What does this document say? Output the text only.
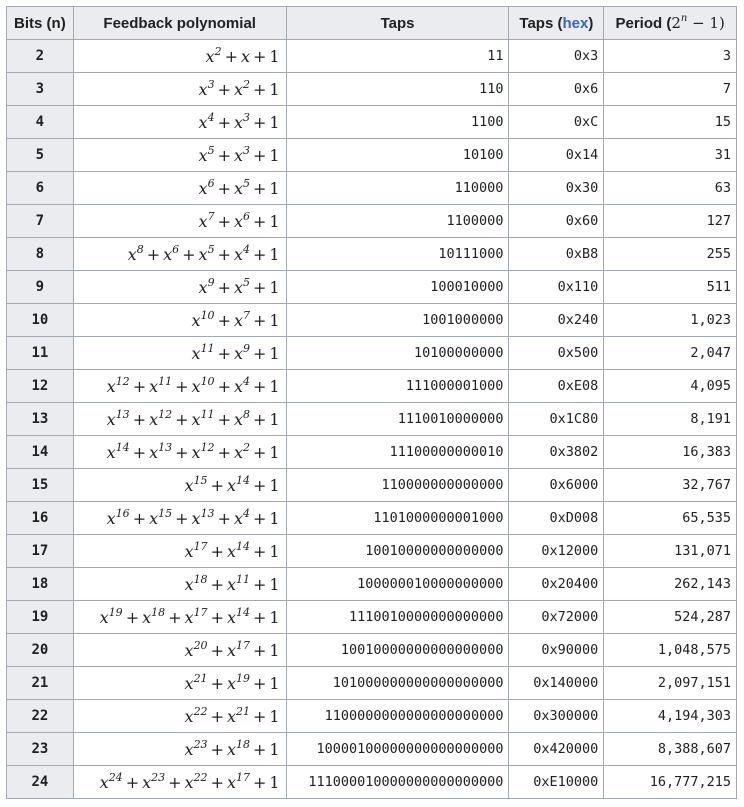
Bits (n)	Feedback polynomial	Taps	Taps (hex)	Period $(2^n - 1)$
2	$x^2 + x + 1$	11	0x3	3
3	$x^3 + x^2 + 1$	110	0x6	7
4	$x^4 + x^3 + 1$	1100	0xC	15
5	$x^5 + x^3 + 1$	10100	0x14	31
6	$x^6 + x^5 + 1$	110000	0x30	63
7	$x^7 + x^6 + 1$	1100000	0x60	127
8	$x^8 + x^6 + x^5 + x^4 + 1$	10111000	0xB8	255
9	$x^9 + x^5 + 1$	100010000	0x110	511
10	$x^{10} + x^7 + 1$	1001000000	0x240	1,023
11	$x^{11} + x^9 + 1$	10100000000	0x500	2,047
12	$x^{12} + x^{11} + x^{10} + x^4 + 1$	111000001000	0xE08	4,095
13	$x^{13} + x^{12} + x^{11} + x^8 + 1$	1110010000000	0x1C80	8,191
14	$x^{14} + x^{13} + x^{12} + x^2 + 1$	11100000000010	0x3802	16,383
15	$x^{15} + x^{14} + 1$	110000000000000	0x6000	32,767
16	$x^{16} + x^{15} + x^{13} + x^4 + 1$	1101000000001000	0xD008	65,535
17	$x^{17} + x^{14} + 1$	10010000000000000	0x12000	131,071
18	$x^{18} + x^{11} + 1$	100000010000000000	0x20400	262,143
19	$x^{19} + x^{18} + x^{17} + x^{14} + 1$	1110010000000000000	0x72000	524,287
20	$x^{20} + x^{17} + 1$	10010000000000000000	0x90000	1,048,575
21	$x^{21} + x^{19} + 1$	101000000000000000000	0x140000	2,097,151
22	$x^{22} + x^{21} + 1$	1100000000000000000000	0x300000	4,194,303
23	$x^{23} + x^{18} + 1$	10000100000000000000000	0x420000	8,388,607
24	$x^{24} + x^{23} + x^{22} + x^{17} + 1$	111000010000000000000000	0xE10000	16,777,215
